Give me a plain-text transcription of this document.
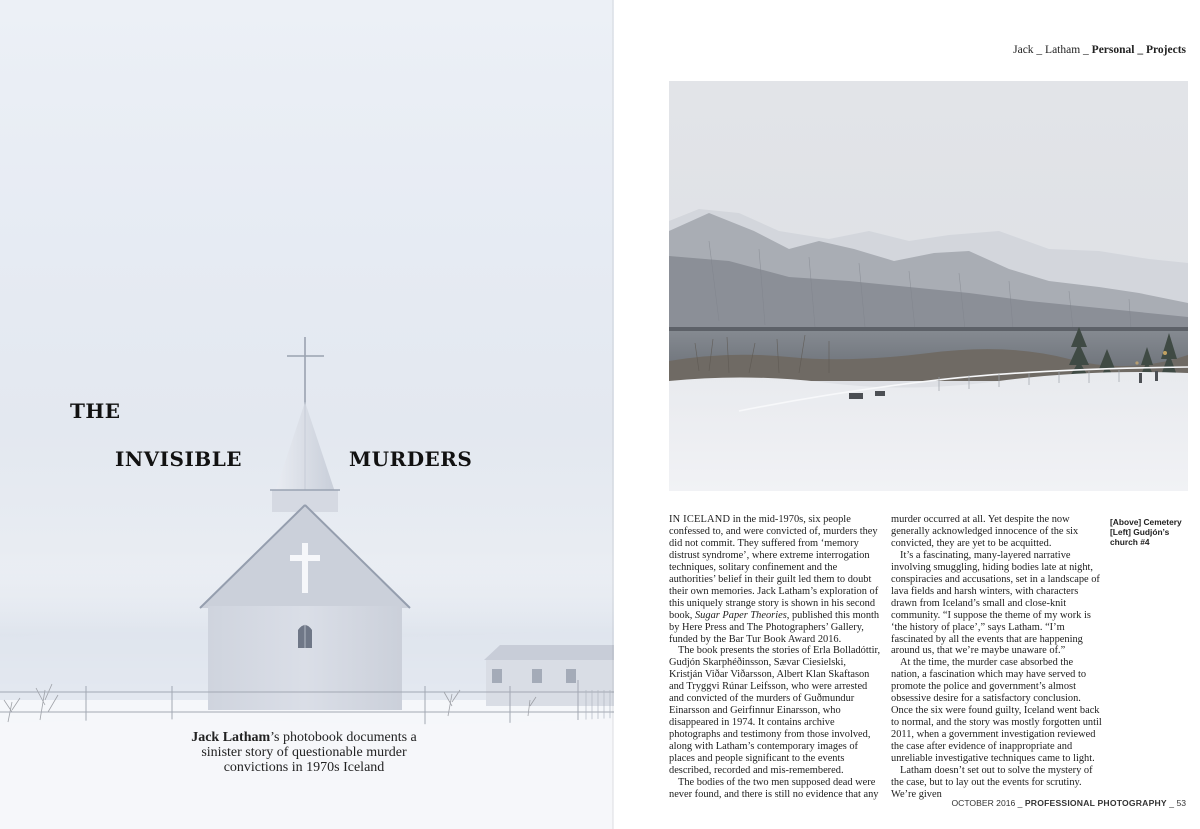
THE
INVISIBLE	MURDERS
Jack Latham’s photobook documents a sinister story of questionable murder convictions in 1970s Iceland
Jack _ Latham _ Personal _ Projects

IN ICELAND in the mid-1970s, six people confessed to, and were convicted of, murders they did not commit. They suffered from ‘memory distrust syndrome’, where extreme interrogation techniques, solitary confinement and the authorities’ belief in their guilt led them to doubt their own memories. Jack Latham’s exploration of this uniquely strange story is shown in his second book, Sugar Paper Theories, published this month by Here Press and The Photographers’ Gallery, funded by the Bar Tur Book Award 2016.

The book presents the stories of Erla Bolladóttir, Gudjón Skarphéðinsson, Sævar Ciesielski, Kristján Viðar Viðarsson, Albert Klan Skaftason and Tryggvi Rúnar Leifsson, who were arrested and convicted of the murders of Guðmundur Einarsson and Geirfinnur Einarsson, who disappeared in 1974. It contains archive photographs and testimony from those involved, along with Latham’s contemporary images of places and people significant to the events described, recorded and mis-remembered.

The bodies of the two men supposed dead were never found, and there is still no evidence that any

murder occurred at all. Yet despite the now generally acknowledged innocence of the six convicted, they are yet to be acquitted.

It’s a fascinating, many-layered narrative involving smuggling, hiding bodies late at night, conspiracies and accusations, set in a landscape of lava fields and harsh winters, with characters drawn from Iceland’s small and close-knit community. “I suppose the theme of my work is ‘the history of place’,” says Latham. “I’m fascinated by all the events that are happening around us, that we’re maybe unaware of.”

At the time, the murder case absorbed the nation, a fascination which may have served to promote the police and government’s almost obsessive desire for a satisfactory conclusion. Once the six were found guilty, Iceland went back to normal, and the story was mostly forgotten until 2011, when a government investigation reviewed the case after evidence of inappropriate and unreliable investigative techniques came to light.

Latham doesn’t set out to solve the mystery of the case, but to lay out the events for scrutiny. We’re given

[Above] Cemetery [Left] Gudjón’s church #4
OCTOBER 2016 _ PROFESSIONAL PHOTOGRAPHY _ 53
